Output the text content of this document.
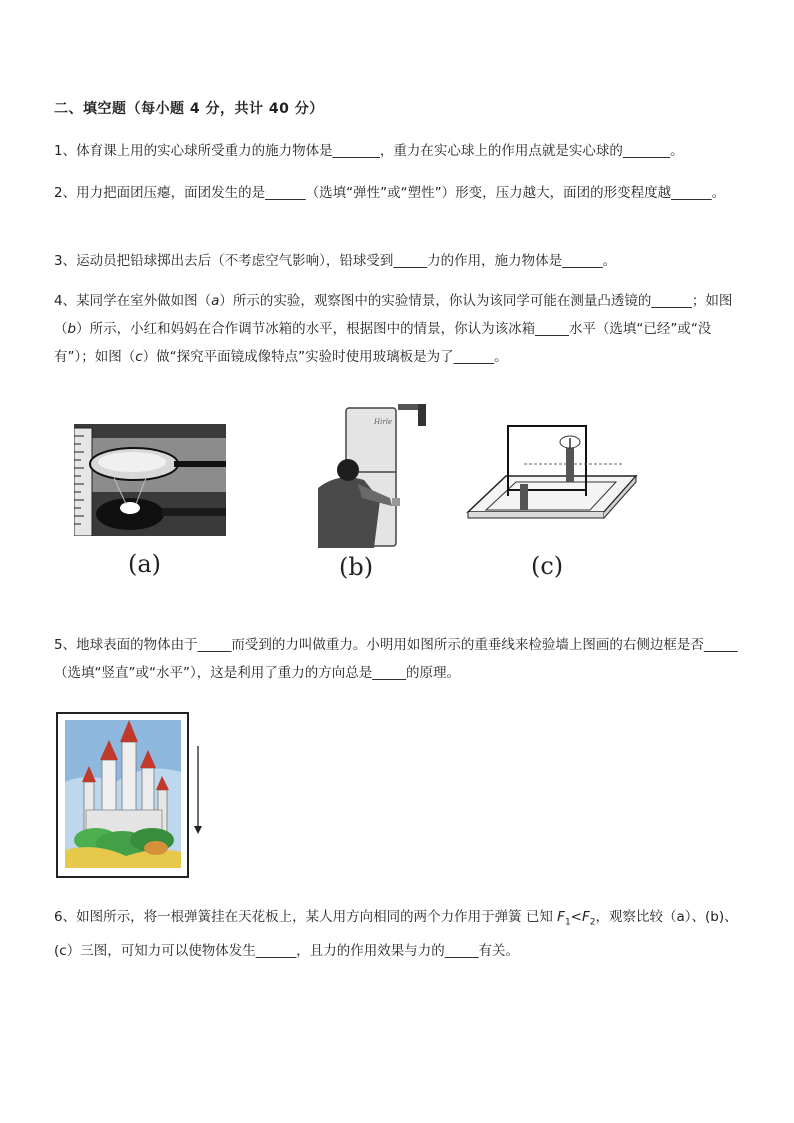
二、填空题（每小题 4 分，共计 40 分）
1、体育课上用的实心球所受重力的施力物体是_______，重力在实心球上的作用点就是实心球的_______。
2、用力把面团压瘪，面团发生的是______（选填“弹性”或“塑性”）形变，压力越大，面团的形变程度越______。
3、运动员把铅球掷出去后（不考虑空气影响），铅球受到_____力的作用，施力物体是______。
4、某同学在室外做如图（a）所示的实验，观察图中的实验情景，你认为该同学可能在测量凸透镜的______；如图（b）所示，小红和妈妈在合作调节冰箱的水平，根据图中的情景，你认为该冰箱_____水平（选填“已经”或“没有”）；如图（c）做“探究平面镜成像特点”实验时使用玻璃板是为了______。
(a)
Hirle
(b)	(c)
5、地球表面的物体由于_____而受到的力叫做重力。小明用如图所示的重垂线来检验墙上图画的右侧边框是否_____（选填“竖直”或“水平”），这是利用了重力的方向总是_____的原理。
6、如图所示，将一根弹簧挂在天花板上，某人用方向相同的两个力作用于弹簧 已知 $F_1<F_2$，观察比较（a）、(b)、(c）三图，可知力可以使物体发生______，且力的作用效果与力的_____有关。
